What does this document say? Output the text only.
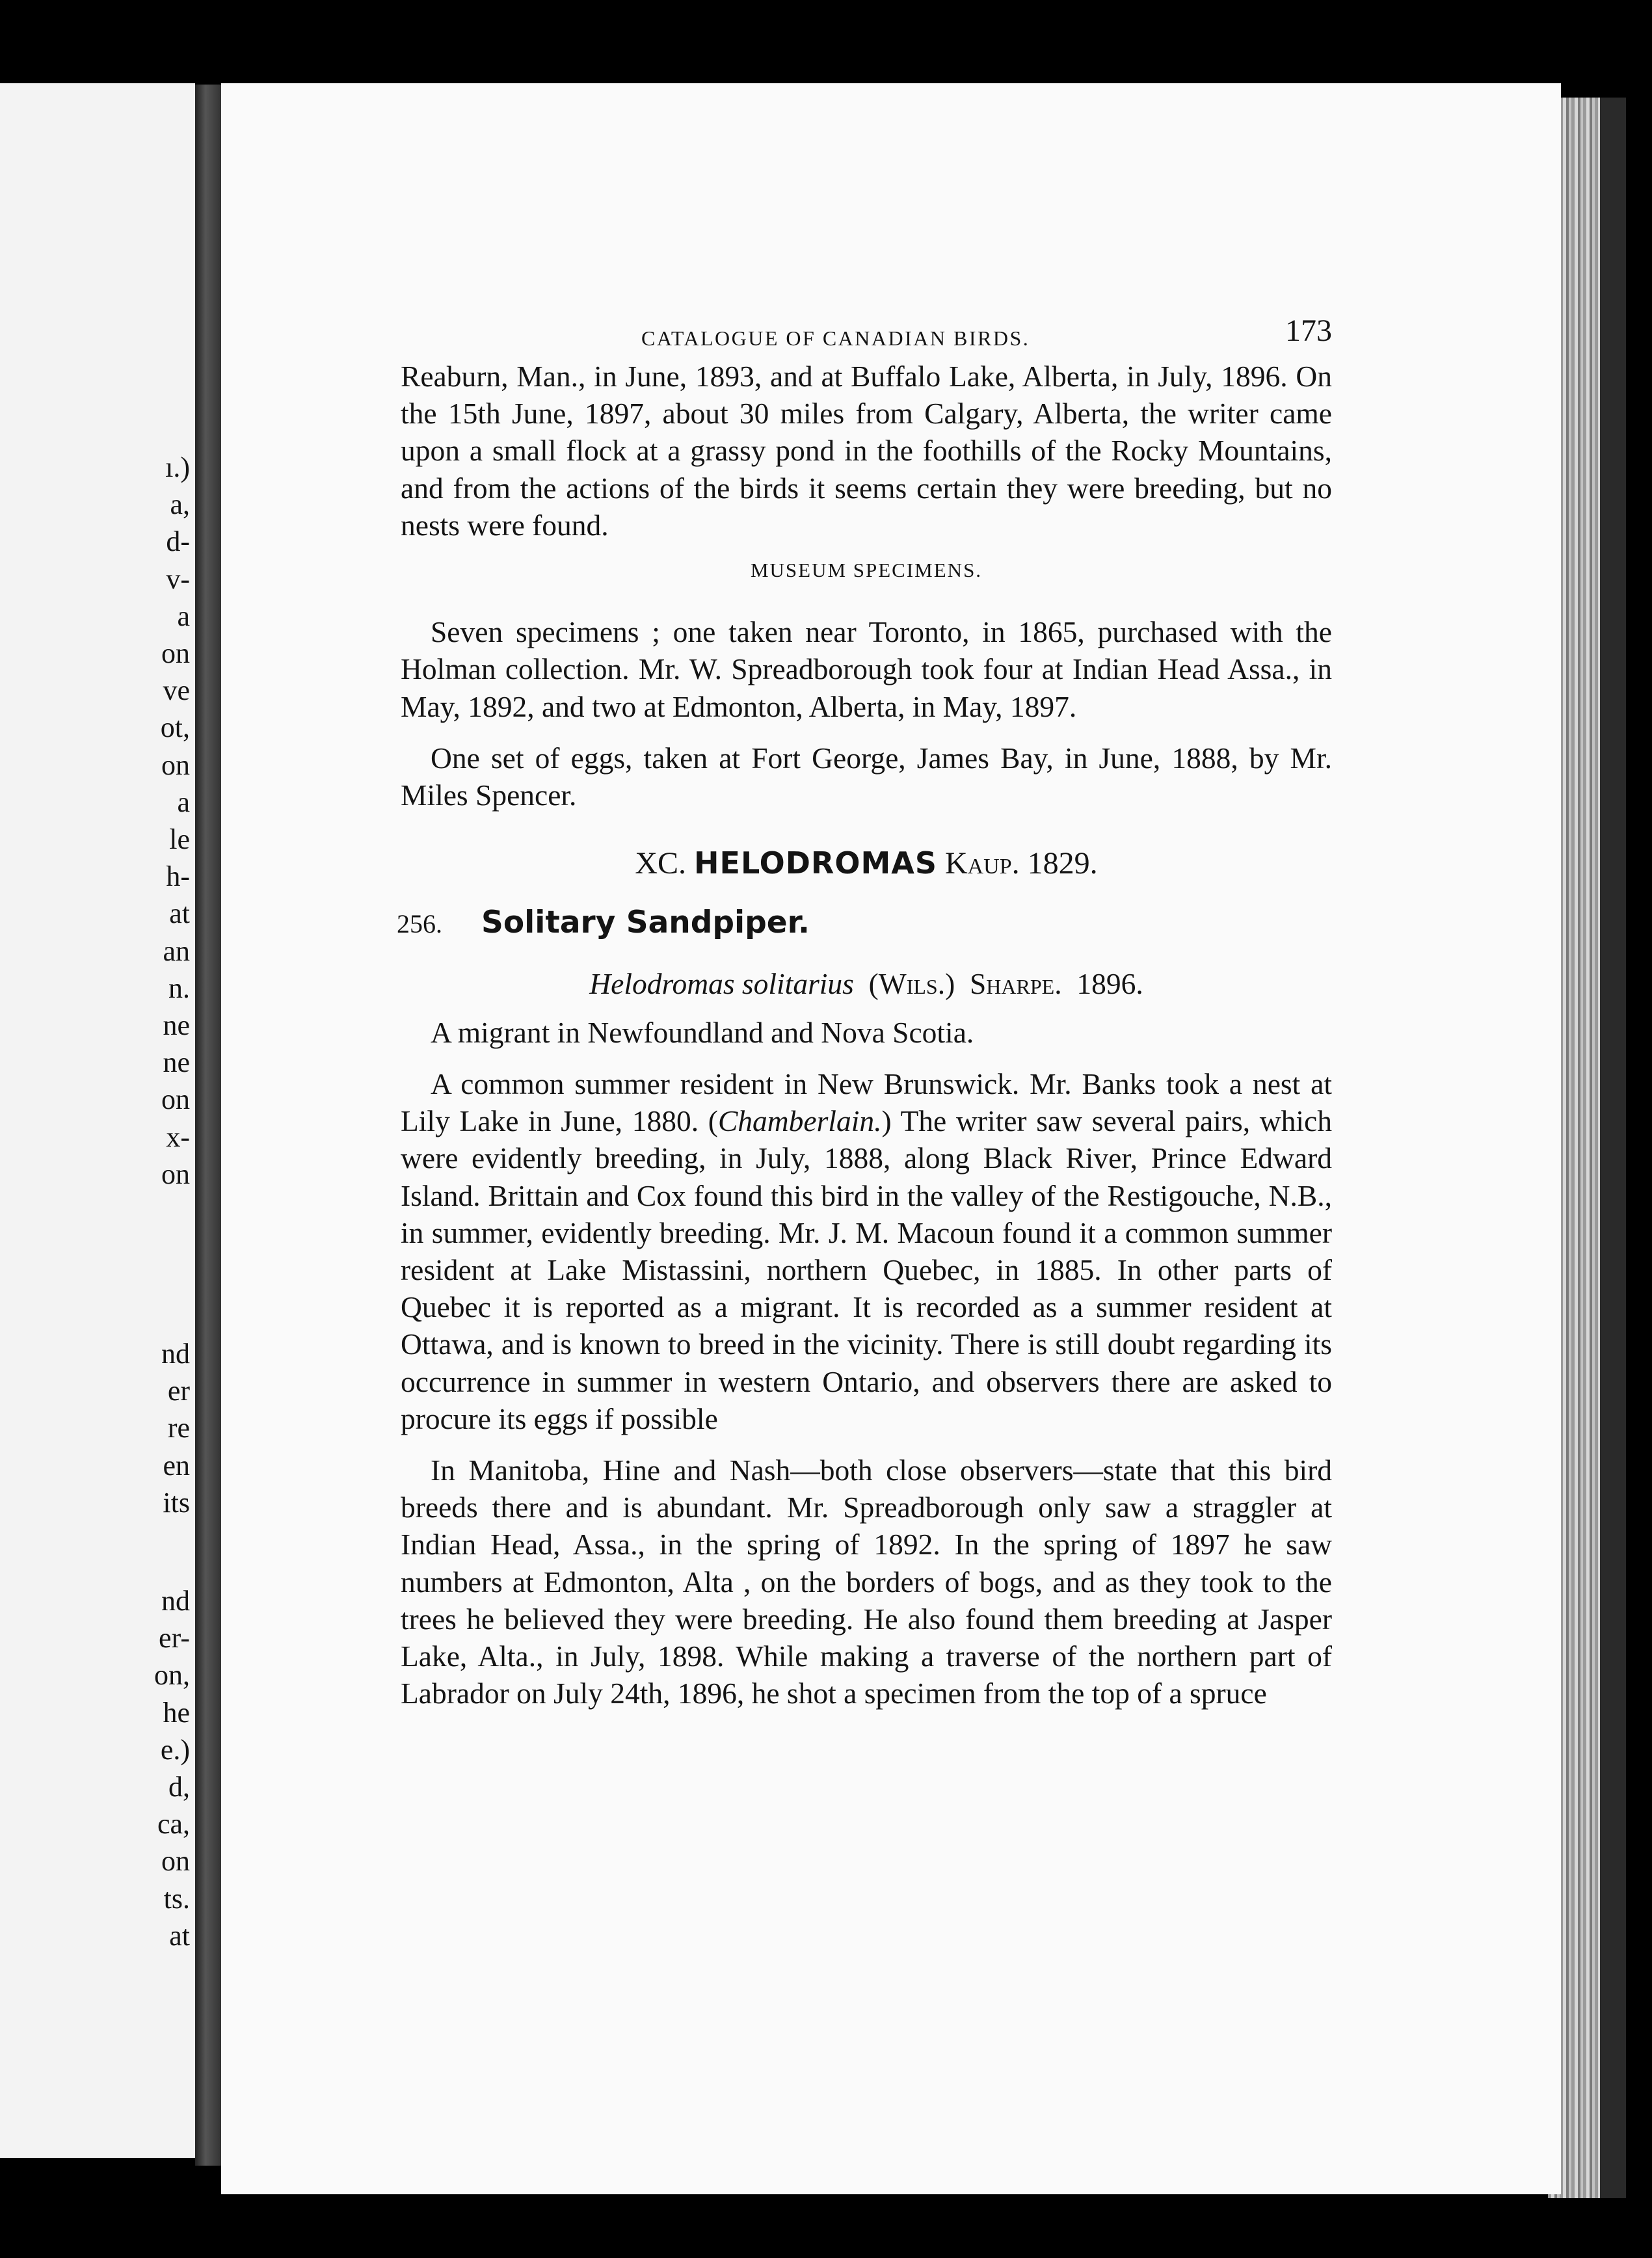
ı.)
a,
d-
v-
a
on
ve
ot,
on
a
le
h-
at
an
n.
ne
ne
on
x-
on
nd
er
re
en
its
nd
er-
on,
he
e.)
d,
ca,
on
ts.
at
CATALOGUE OF CANADIAN BIRDS.	173

Reaburn, Man., in June, 1893, and at Buffalo Lake, Alberta, in July, 1896. On the 15th June, 1897, about 30 miles from Calgary, Alberta, the writer came upon a small flock at a grassy pond in the foothills of the Rocky Mountains, and from the actions of the birds it seems certain they were breeding, but no nests were found.

MUSEUM SPECIMENS.

Seven specimens ; one taken near Toronto, in 1865, purchased with the Holman collection. Mr. W. Spreadborough took four at Indian Head Assa., in May, 1892, and two at Edmonton, Alberta, in May, 1897.

One set of eggs, taken at Fort George, James Bay, in June, 1888, by Mr. Miles Spencer.

XC. HELODROMAS Kaup. 1829.
256.	Solitary Sandpiper.
Helodromas solitarius (Wils.) Sharpe. 1896.

A migrant in Newfoundland and Nova Scotia.

A common summer resident in New Brunswick. Mr. Banks took a nest at Lily Lake in June, 1880. (Chamberlain.) The writer saw several pairs, which were evidently breeding, in July, 1888, along Black River, Prince Edward Island. Brittain and Cox found this bird in the valley of the Restigouche, N.B., in summer, evidently breeding. Mr. J. M. Macoun found it a common summer resident at Lake Mistassini, northern Quebec, in 1885. In other parts of Quebec it is reported as a migrant. It is recorded as a summer resident at Ottawa, and is known to breed in the vicinity. There is still doubt regarding its occurrence in summer in western Ontario, and observers there are asked to procure its eggs if possible

In Manitoba, Hine and Nash—both close observers—state that this bird breeds there and is abundant. Mr. Spreadborough only saw a straggler at Indian Head, Assa., in the spring of 1892. In the spring of 1897 he saw numbers at Edmonton, Alta , on the borders of bogs, and as they took to the trees he believed they were breeding. He also found them breeding at Jasper Lake, Alta., in July, 1898. While making a traverse of the northern part of Labrador on July 24th, 1896, he shot a specimen from the top of a spruce
